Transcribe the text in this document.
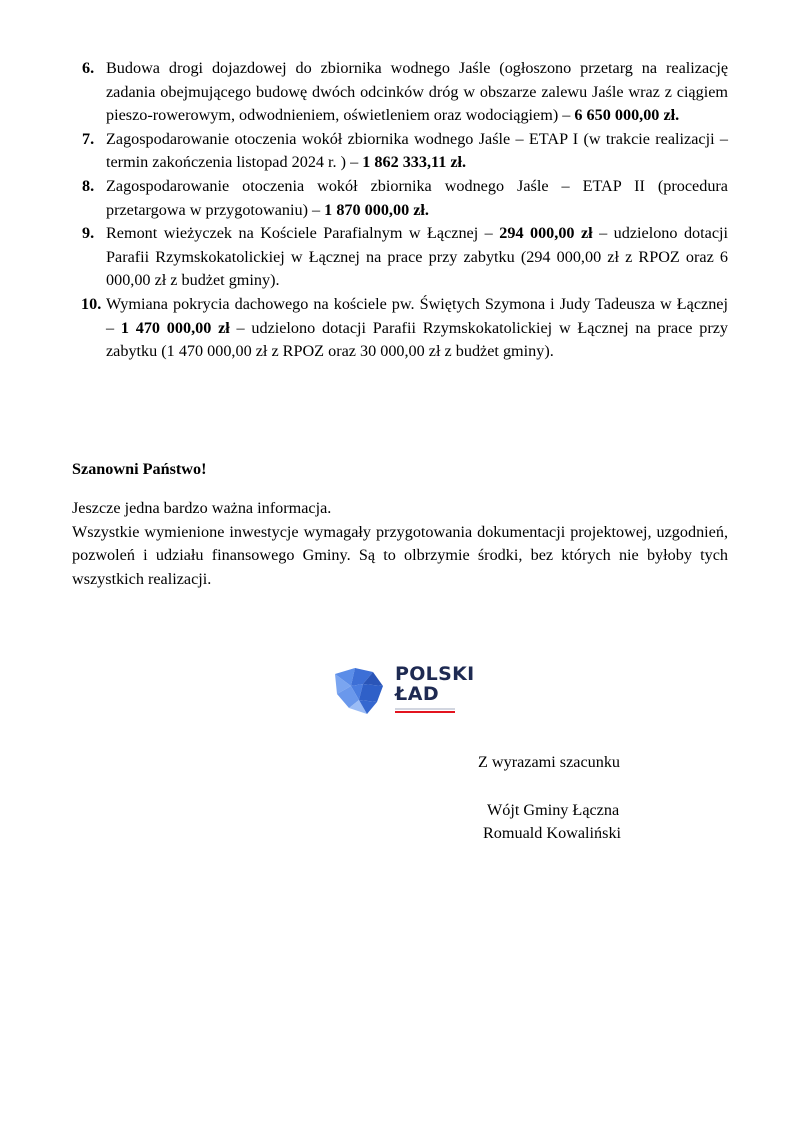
6. Budowa drogi dojazdowej do zbiornika wodnego Jaśle (ogłoszono przetarg na realizację zadania obejmującego budowę dwóch odcinków dróg w obszarze zalewu Jaśle wraz z ciągiem pieszo-rowerowym, odwodnieniem, oświetleniem oraz wodociągiem) – 6 650 000,00 zł.
7. Zagospodarowanie otoczenia wokół zbiornika wodnego Jaśle – ETAP I (w trakcie realizacji –termin zakończenia listopad 2024 r. ) – 1 862 333,11 zł.
8. Zagospodarowanie otoczenia wokół zbiornika wodnego Jaśle – ETAP II (procedura przetargowa w przygotowaniu) – 1 870 000,00 zł.
9. Remont wieżyczek na Kościele Parafialnym w Łącznej – 294 000,00 zł – udzielono dotacji Parafii Rzymskokatolickiej w Łącznej na prace przy zabytku (294 000,00 zł z RPOZ oraz 6 000,00 zł z budżet gminy).
10. Wymiana pokrycia dachowego na kościele pw. Świętych Szymona i Judy Tadeusza w Łącznej – 1 470 000,00 zł – udzielono dotacji Parafii Rzymskokatolickiej w Łącznej na prace przy zabytku (1 470 000,00 zł z RPOZ oraz 30 000,00 zł z budżet gminy).
Szanowni Państwo!

Jeszcze jedna bardzo ważna informacja.

Wszystkie wymienione inwestycje wymagały przygotowania dokumentacji projektowej, uzgodnień, pozwoleń i udziału finansowego Gminy. Są to olbrzymie środki, bez których nie byłoby tych wszystkich realizacji.

POLSKI
ŁAD
Z wyrazami szacunku
Wójt Gminy Łączna
Romuald Kowaliński
